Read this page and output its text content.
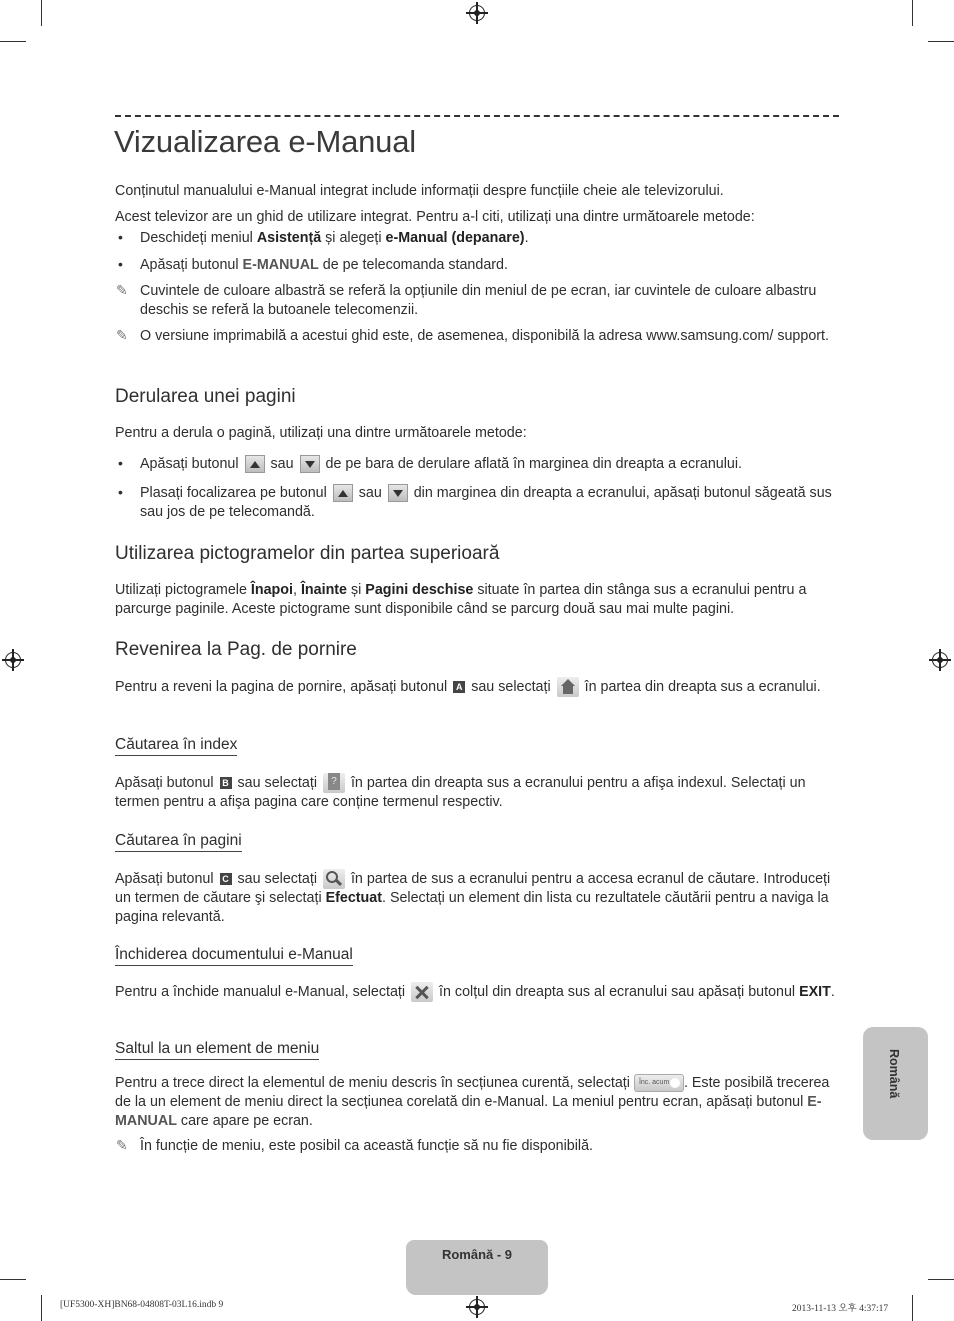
Vizualizarea e-Manual

Conținutul manualului e-Manual integrat include informații despre funcțiile cheie ale televizorului.

Acest televizor are un ghid de utilizare integrat. Pentru a-l citi, utilizați una dintre următoarele metode:

• Deschideți meniul Asistență și alegeți e-Manual (depanare).

• Apăsați butonul E-MANUAL de pe telecomanda standard.

✎ Cuvintele de culoare albastră se referă la opțiunile din meniul de pe ecran, iar cuvintele de culoare albastru deschis se referă la butoanele telecomenzii.

✎ O versiune imprimabilă a acestui ghid este, de asemenea, disponibilă la adresa www.samsung.com/ support.

Derularea unei pagini

Pentru a derula o pagină, utilizați una dintre următoarele metode:

• Apăsați butonul  sau  de pe bara de derulare aflată în marginea din dreapta a ecranului.

• Plasați focalizarea pe butonul  sau  din marginea din dreapta a ecranului, apăsați butonul săgeată sus sau jos de pe telecomandă.

Utilizarea pictogramelor din partea superioară

Utilizați pictogramele Înapoi, Înainte și Pagini deschise situate în partea din stânga sus a ecranului pentru a parcurge paginile. Aceste pictograme sunt disponibile când se parcurg două sau mai multe pagini.

Revenirea la Pag. de pornire

Pentru a reveni la pagina de pornire, apăsați butonul A sau selectați  în partea din dreapta sus a ecranului.

Căutarea în index

Apăsați butonul B sau selectați ? în partea din dreapta sus a ecranului pentru a afişa indexul. Selectați un termen pentru a afişa pagina care conține termenul respectiv.

Căutarea în pagini

Apăsați butonul C sau selectați  în partea de sus a ecranului pentru a accesa ecranul de căutare. Introduceți un termen de căutare şi selectați Efectuat. Selectați un element din lista cu rezultatele căutării pentru a naviga la pagina relevantă.

Închiderea documentului e-Manual

Pentru a închide manualul e-Manual, selectați  în colțul din dreapta sus al ecranului sau apăsați butonul EXIT.

Saltul la un element de meniu

Pentru a trece direct la elementul de meniu descris în secțiunea curentă, selectați Înc. acum . Este posibilă trecerea de la un element de meniu direct la secțiunea corelată din e-Manual. La meniul pentru ecran, apăsați butonul E-MANUAL care apare pe ecran.

✎ În funcție de meniu, este posibil ca această funcție să nu fie disponibilă.

Română
Română - 9
[UF5300-XH]BN68-04808T-03L16.indb 9	2013-11-13 오후 4:37:17
